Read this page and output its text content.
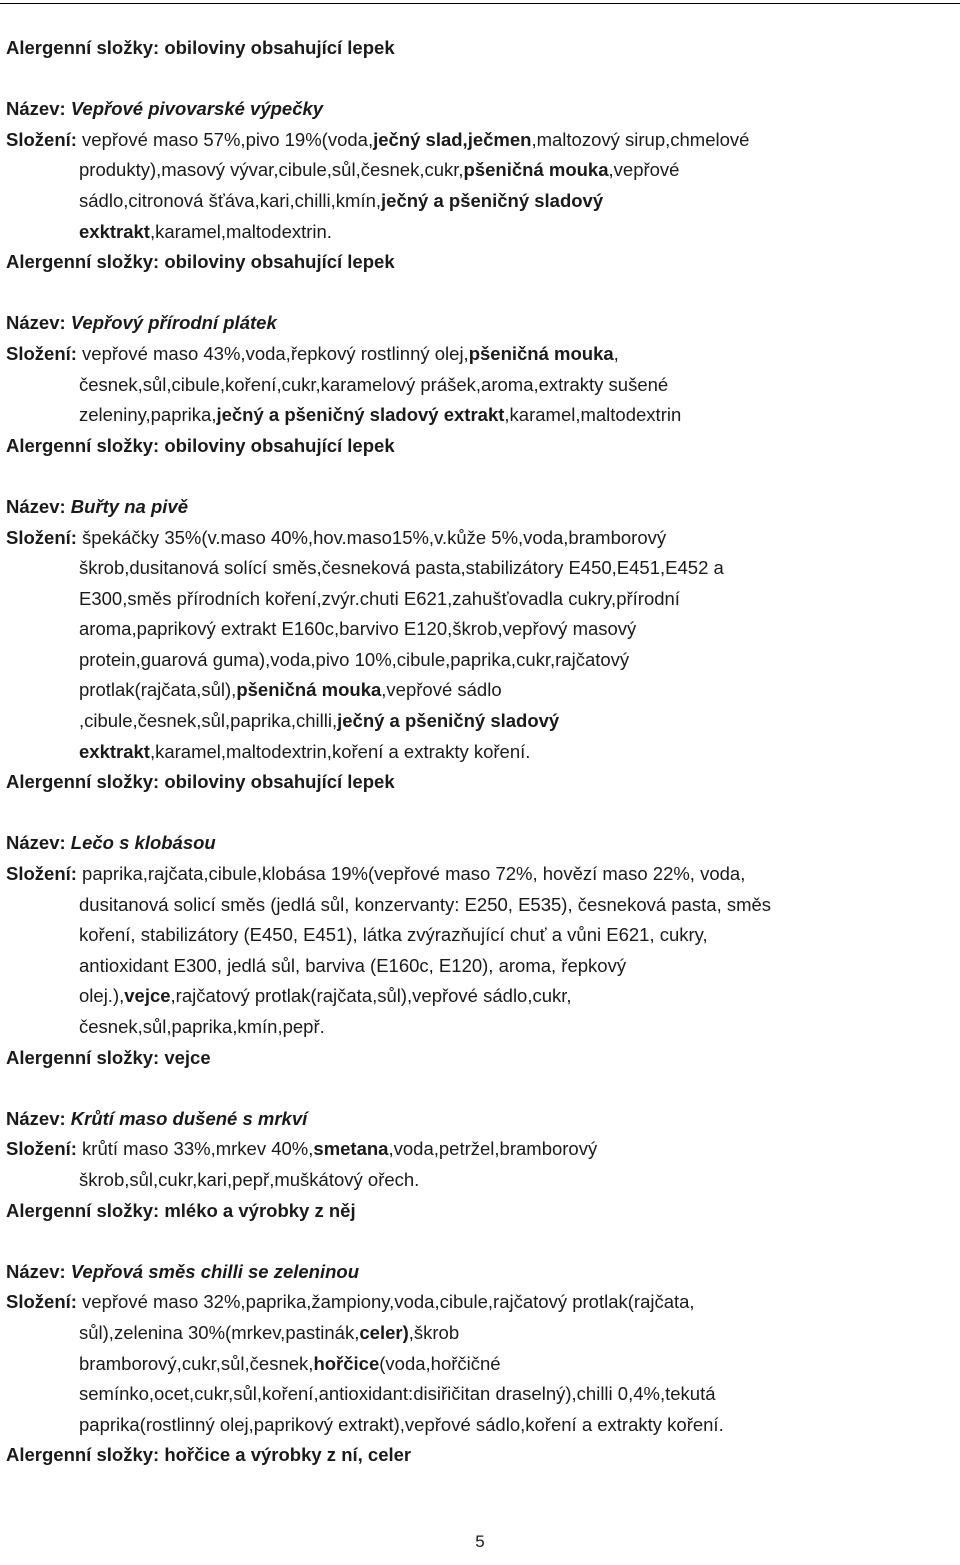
Alergenní složky: obiloviny obsahující lepek
Název: Vepřové pivovarské výpečky
Složení: vepřové maso 57%,pivo 19%(voda,ječný slad,ječmen,maltozový sirup,chmelové
produkty),masový vývar,cibule,sůl,česnek,cukr,pšeničná mouka,vepřové
sádlo,citronová šťáva,kari,chilli,kmín,ječný a pšeničný sladový
exktrakt,karamel,maltodextrin.
Alergenní složky: obiloviny obsahující lepek
Název: Vepřový přírodní plátek
Složení: vepřové maso 43%,voda,řepkový rostlinný olej,pšeničná mouka,
česnek,sůl,cibule,koření,cukr,karamelový prášek,aroma,extrakty sušené
zeleniny,paprika,ječný a pšeničný sladový extrakt,karamel,maltodextrin
Alergenní složky: obiloviny obsahující lepek
Název: Buřty na pivě
Složení: špekáčky 35%(v.maso 40%,hov.maso15%,v.kůže 5%,voda,bramborový
škrob,dusitanová solící směs,česneková pasta,stabilizátory E450,E451,E452 a
E300,směs přírodních koření,zvýr.chuti E621,zahušťovadla cukry,přírodní
aroma,paprikový extrakt E160c,barvivo E120,škrob,vepřový masový
protein,guarová guma),voda,pivo 10%,cibule,paprika,cukr,rajčatový
protlak(rajčata,sůl),pšeničná mouka,vepřové sádlo
,cibule,česnek,sůl,paprika,chilli,ječný a pšeničný sladový
exktrakt,karamel,maltodextrin,koření a extrakty koření.
Alergenní složky: obiloviny obsahující lepek
Název: Lečo s klobásou
Složení: paprika,rajčata,cibule,klobása 19%(vepřové maso 72%, hovězí maso 22%, voda,
dusitanová solicí směs (jedlá sůl, konzervanty: E250, E535), česneková pasta, směs
koření, stabilizátory (E450, E451), látka zvýrazňující chuť a vůni E621, cukry,
antioxidant E300, jedlá sůl, barviva (E160c, E120), aroma, řepkový
olej.),vejce,rajčatový protlak(rajčata,sůl),vepřové sádlo,cukr,
česnek,sůl,paprika,kmín,pepř.
Alergenní složky: vejce
Název: Krůtí maso dušené s mrkví
Složení: krůtí maso 33%,mrkev 40%,smetana,voda,petržel,bramborový
škrob,sůl,cukr,kari,pepř,muškátový ořech.
Alergenní složky: mléko a výrobky z něj
Název: Vepřová směs chilli se zeleninou
Složení: vepřové maso 32%,paprika,žampiony,voda,cibule,rajčatový protlak(rajčata,
sůl),zelenina 30%(mrkev,pastinák,celer),škrob
bramborový,cukr,sůl,česnek,hořčice(voda,hořčičné
semínko,ocet,cukr,sůl,koření,antioxidant:disiřičitan draselný),chilli 0,4%,tekutá
paprika(rostlinný olej,paprikový extrakt),vepřové sádlo,koření a extrakty koření.
Alergenní složky: hořčice a výrobky z ní, celer
5
